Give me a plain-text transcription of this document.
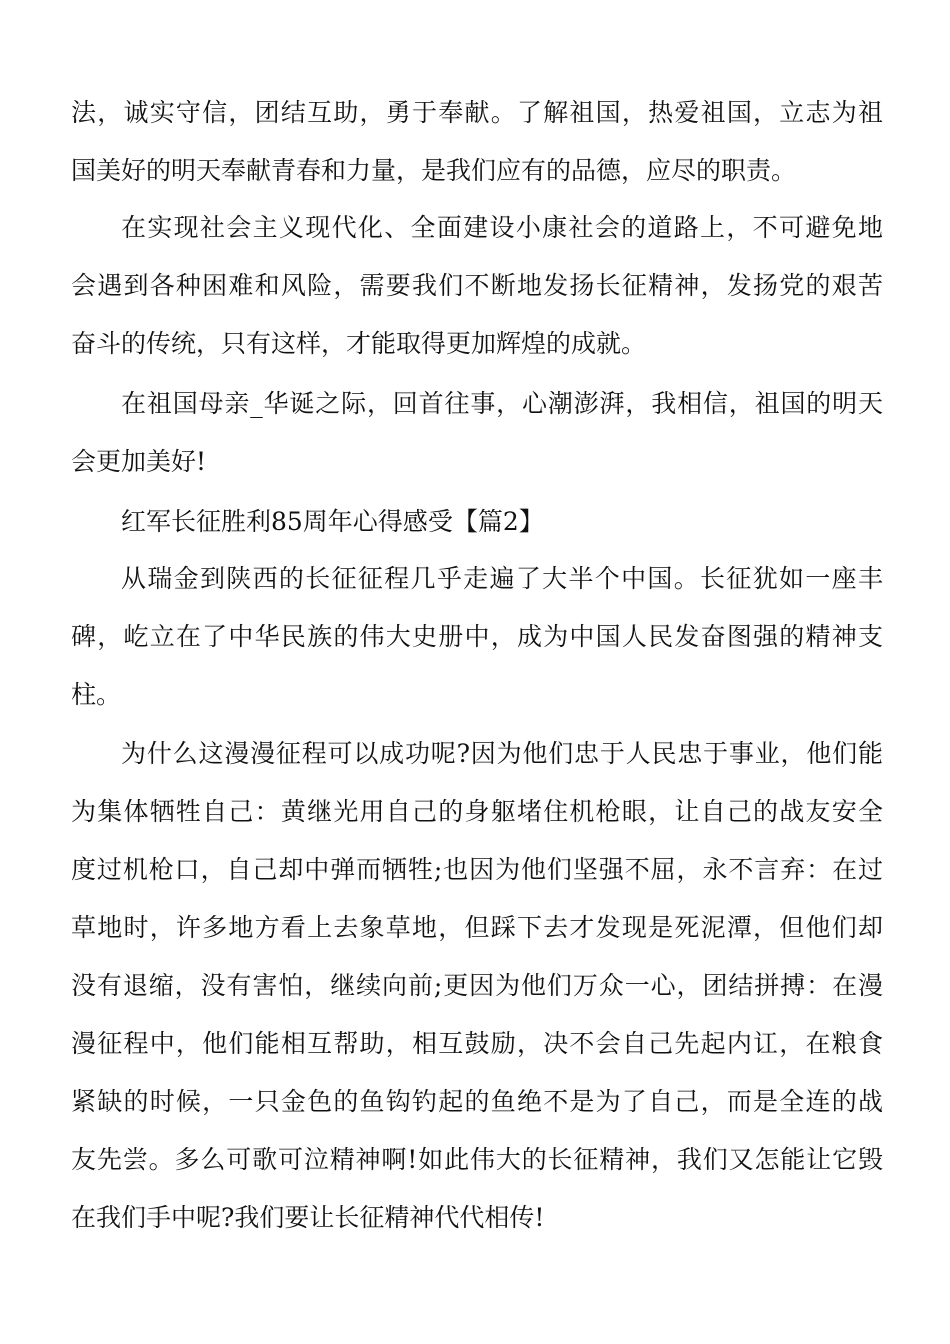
法，诚实守信，团结互助，勇于奉献。了解祖国，热爱祖国，立志为祖
国美好的明天奉献青春和力量，是我们应有的品德，应尽的职责。
在实现社会主义现代化、全面建设小康社会的道路上，不可避免地
会遇到各种困难和风险，需要我们不断地发扬长征精神，发扬党的艰苦
奋斗的传统，只有这样，才能取得更加辉煌的成就。
在祖国母亲_华诞之际，回首往事，心潮澎湃，我相信，祖国的明天
会更加美好!
红军长征胜利85周年心得感受【篇2】
从瑞金到陕西的长征征程几乎走遍了大半个中国。长征犹如一座丰
碑，屹立在了中华民族的伟大史册中，成为中国人民发奋图强的精神支
柱。
为什么这漫漫征程可以成功呢?因为他们忠于人民忠于事业，他们能
为集体牺牲自己：黄继光用自己的身躯堵住机枪眼，让自己的战友安全
度过机枪口，自己却中弹而牺牲;也因为他们坚强不屈，永不言弃：在过
草地时，许多地方看上去象草地，但踩下去才发现是死泥潭，但他们却
没有退缩，没有害怕，继续向前;更因为他们万众一心，团结拼搏：在漫
漫征程中，他们能相互帮助，相互鼓励，决不会自己先起内讧，在粮食
紧缺的时候，一只金色的鱼钩钓起的鱼绝不是为了自己，而是全连的战
友先尝。多么可歌可泣精神啊!如此伟大的长征精神，我们又怎能让它毁
在我们手中呢?我们要让长征精神代代相传!
